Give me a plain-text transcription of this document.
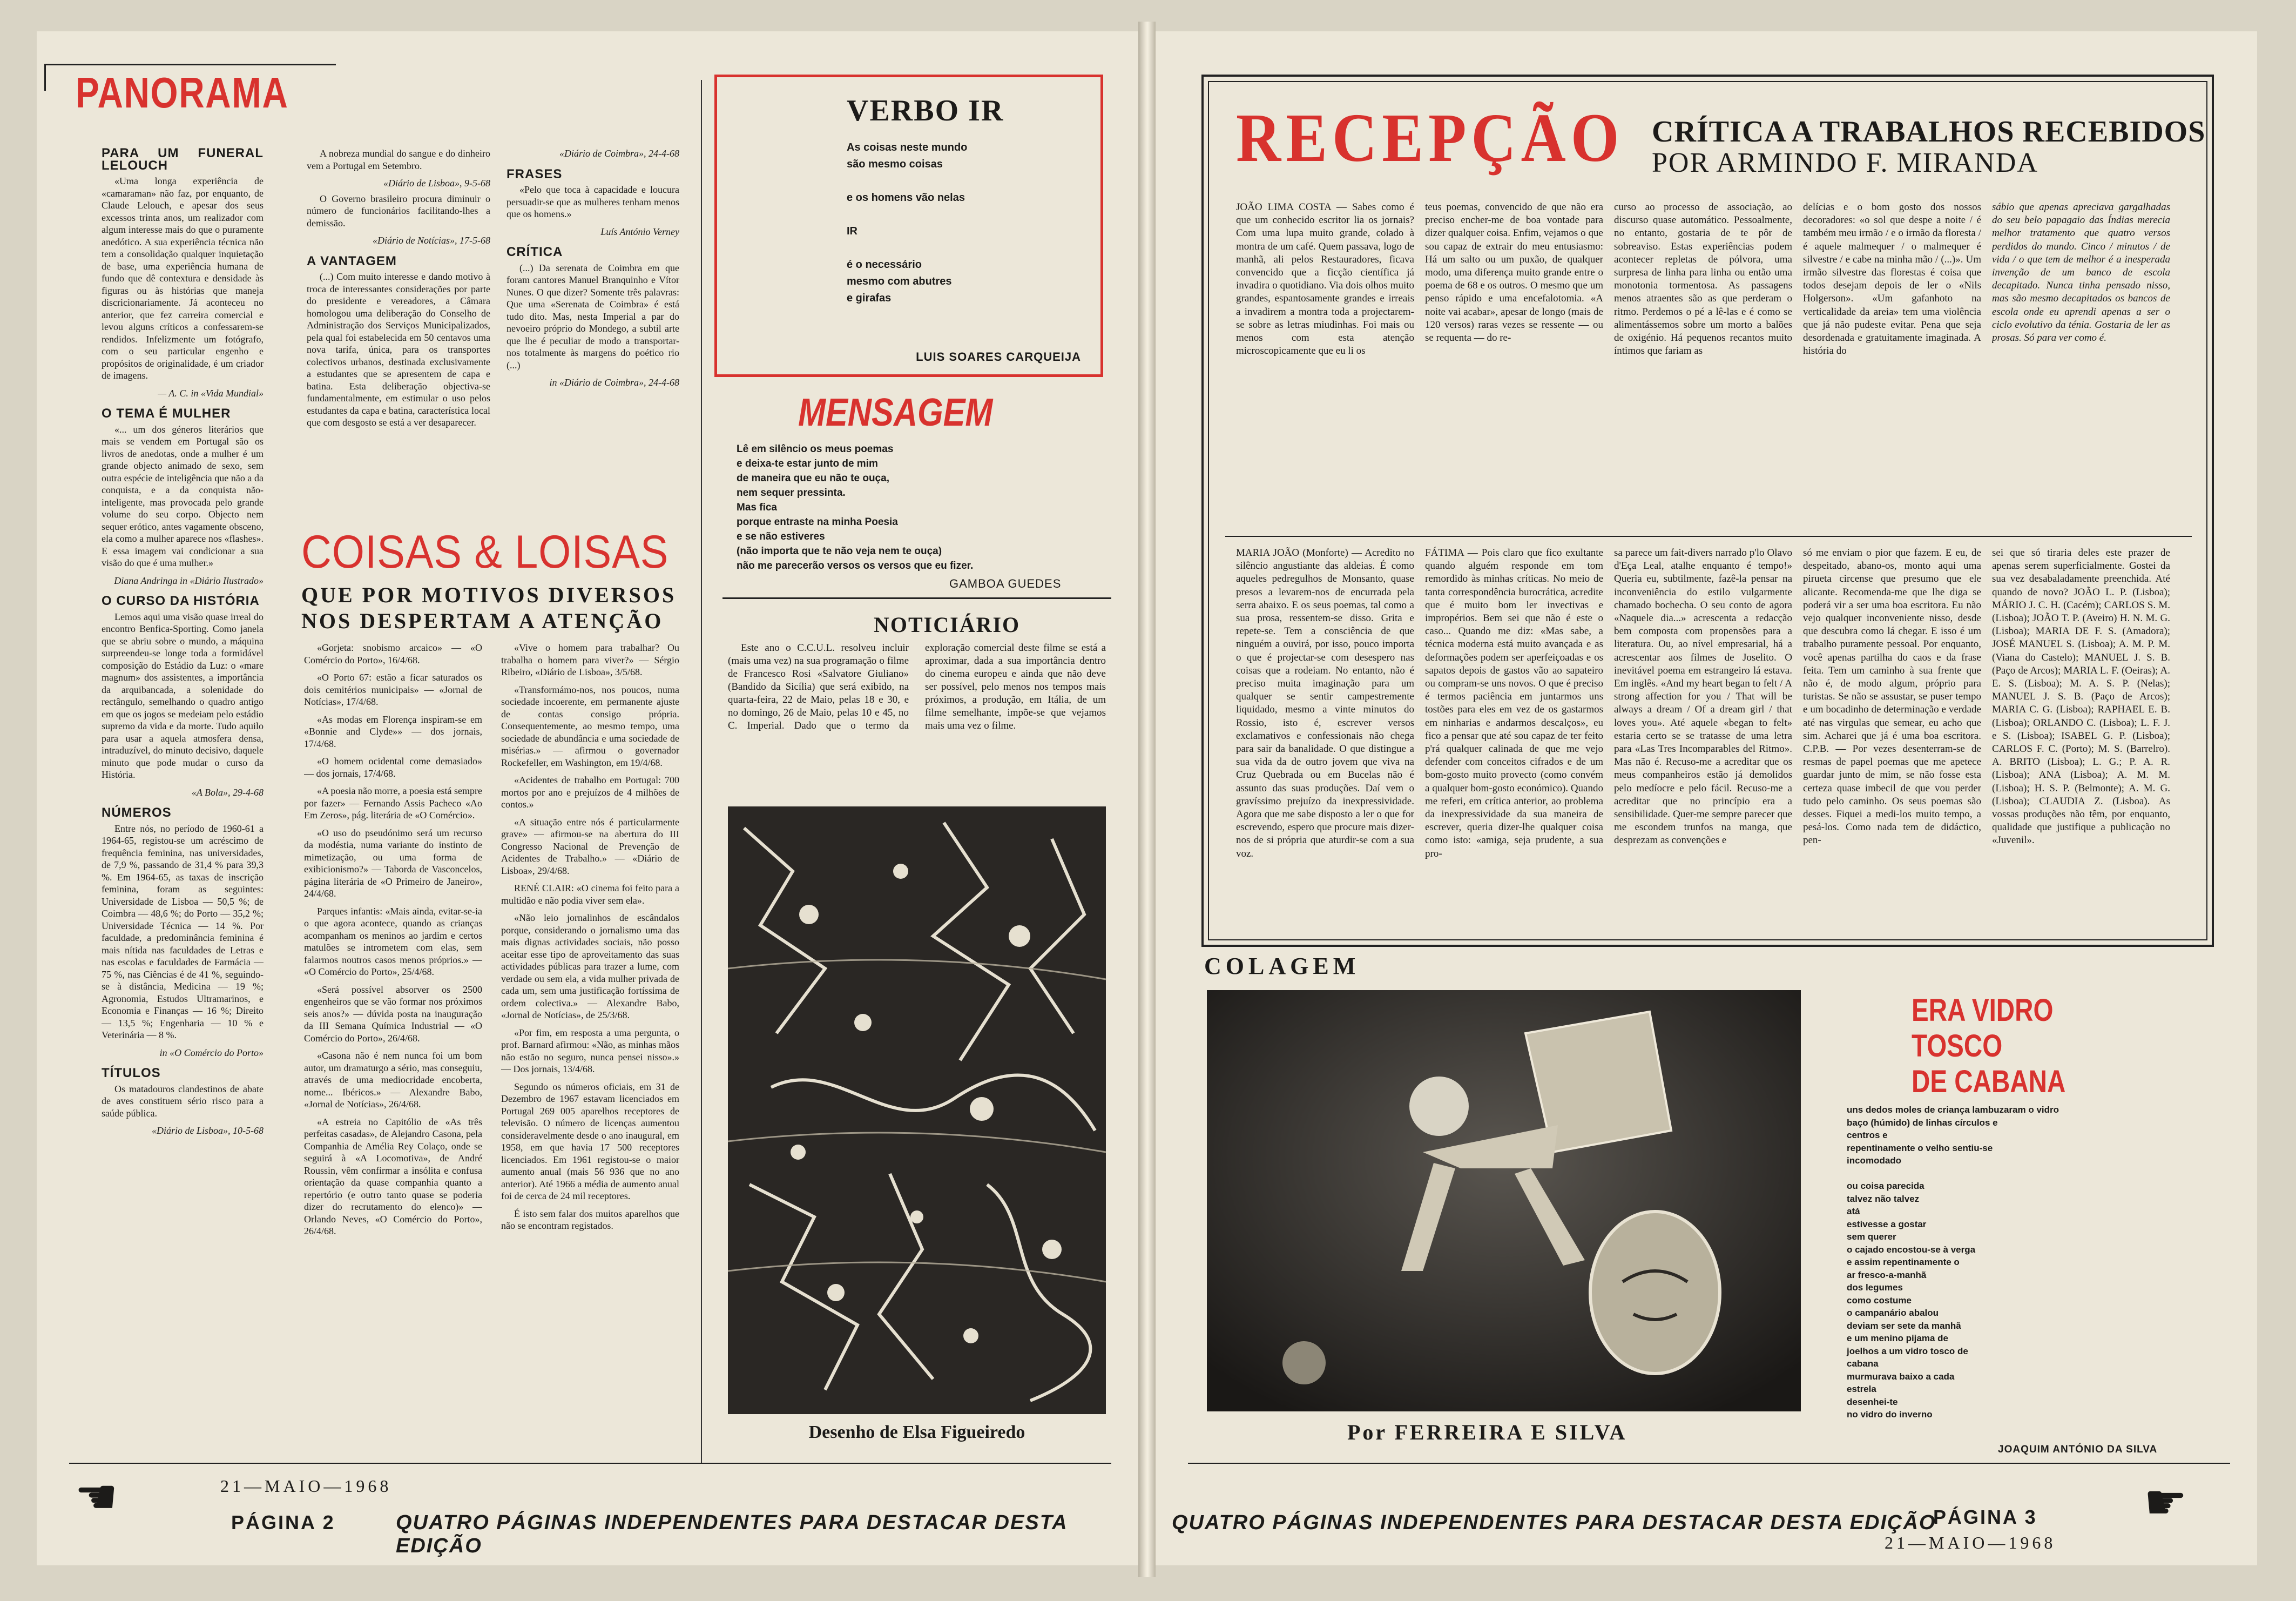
PANORAMA
PARA UM FUNERAL LELOUCH

«Uma longa experiência de «camaraman» não faz, por enquanto, de Claude Lelouch, e apesar dos seus excessos trinta anos, um realizador com algum interesse mais do que o puramente anedótico. A sua experiência técnica não tem a consolidação qualquer inquietação de base, uma experiência humana de fundo que dê contextura e densidade às figuras ou às histórias que maneja discricionariamente. Já aconteceu no anterior, que fez carreira comercial e levou alguns críticos a confessarem-se rendidos. Infelizmente um fotógrafo, com o seu particular engenho e propósitos de originalidade, é um criador de imagens.

— A. C. in «Vida Mundial»
O TEMA É MULHER

«... um dos géneros literários que mais se vendem em Portugal são os livros de anedotas, onde a mulher é um grande objecto animado de sexo, sem outra espécie de inteligência que não a da conquista, e a da conquista não-inteligente, mas provocada pelo grande volume do seu corpo. Objecto nem sequer erótico, antes vagamente obsceno, ela como a mulher aparece nos «flashes». E essa imagem vai condicionar a sua visão do que é uma mulher.»

Diana Andringa in «Diário Ilustrado»
O CURSO DA HISTÓRIA

Lemos aqui uma visão quase irreal do encontro Benfica-Sporting. Como janela que se abriu sobre o mundo, a máquina surpreendeu-se longe toda a formidável composição do Estádio da Luz: o «mare magnum» dos assistentes, a importância da arquibancada, a solenidade do rectângulo, semelhando o quadro antigo em que os jogos se medeiam pelo estádio supremo da vida e da morte. Tudo aquilo para usar a aquela atmosfera densa, intraduzível, do minuto decisivo, daquele minuto que pode mudar o curso da História.

«A Bola», 29-4-68
NÚMEROS

Entre nós, no período de 1960-61 a 1964-65, registou-se um acréscimo de frequência feminina, nas universidades, de 7,9 %, passando de 31,4 % para 39,3 %. Em 1964-65, as taxas de inscrição feminina, foram as seguintes: Universidade de Lisboa — 50,5 %; de Coimbra — 48,6 %; do Porto — 35,2 %; Universidade Técnica — 14 %. Por faculdade, a predominância feminina é mais nítida nas faculdades de Letras e nas escolas e faculdades de Farmácia — 75 %, nas Ciências é de 41 %, seguindo-se à distância, Medicina — 19 %; Agronomia, Estudos Ultramarinos, e Economia e Finanças — 16 %; Direito — 13,5 %; Engenharia — 10 % e Veterinária — 8 %.

in «O Comércio do Porto»
TÍTULOS

Os matadouros clandestinos de abate de aves constituem sério risco para a saúde pública.

«Diário de Lisboa», 10-5-68

A nobreza mundial do sangue e do dinheiro vem a Portugal em Setembro.

«Diário de Lisboa», 9-5-68

O Governo brasileiro procura diminuir o número de funcionários facilitando-lhes a demissão.

«Diário de Notícias», 17-5-68
A VANTAGEM

(...) Com muito interesse e dando motivo à troca de interessantes considerações por parte do presidente e vereadores, a Câmara homologou uma deliberação do Conselho de Administração dos Serviços Municipalizados, pela qual foi estabelecida em 50 centavos uma nova tarifa, única, para os transportes colectivos urbanos, destinada exclusivamente a estudantes que se apresentem de capa e batina. Esta deliberação objectiva-se fundamentalmente, em estimular o uso pelos estudantes da capa e batina, característica local que com desgosto se está a ver desaparecer.

«Diário de Coimbra», 24-4-68
FRASES

«Pelo que toca à capacidade e loucura persuadir-se que as mulheres tenham menos que os homens.»

Luís António Verney
CRÍTICA

(...) Da serenata de Coimbra em que foram cantores Manuel Branquinho e Vítor Nunes. O que dizer? Somente três palavras: Que uma «Serenata de Coimbra» é está tudo dito. Mas, nesta Imperial a par do nevoeiro próprio do Mondego, a subtil arte que lhe é peculiar de modo a transportar-nos totalmente às margens do poético rio (...)

in «Diário de Coimbra», 24-4-68
COISAS & LOISAS
QUE POR MOTIVOS DIVERSOS
NOS DESPERTAM A ATENÇÃO

«Gorjeta: snobismo arcaico» — «O Comércio do Porto», 16/4/68.

«O Porto 67: estão a ficar saturados os dois cemitérios municipais» — «Jornal de Notícias», 17/4/68.

«As modas em Florença inspiram-se em «Bonnie and Clyde»» — dos jornais, 17/4/68.

«O homem ocidental come demasiado» — dos jornais, 17/4/68.

«A poesia não morre, a poesia está sempre por fazer» — Fernando Assis Pacheco «Ao Em Zeros», pág. literária de «O Comércio».

«O uso do pseudónimo será um recurso da modéstia, numa variante do instinto de mimetização, ou uma forma de exibicionismo?» — Taborda de Vasconcelos, página literária de «O Primeiro de Janeiro», 24/4/68.

Parques infantis: «Mais ainda, evitar-se-ia o que agora acontece, quando as crianças acompanham os meninos ao jardim e certos matulões se intrometem com elas, sem falarmos noutros casos menos próprios.» — «O Comércio do Porto», 25/4/68.

«Será possível absorver os 2500 engenheiros que se vão formar nos próximos seis anos?» — dúvida posta na inauguração da III Semana Química Industrial — «O Comércio do Porto», 26/4/68.

«Casona não é nem nunca foi um bom autor, um dramaturgo a sério, mas conseguiu, através de uma mediocridade encoberta, nome... Ibéricos.» — Alexandre Babo, «Jornal de Notícias», 26/4/68.

«A estreia no Capitólio de «As três perfeitas casadas», de Alejandro Casona, pela Companhia de Amélia Rey Colaço, onde se seguirá à «A Locomotiva», de André Roussin, vêm confirmar a insólita e confusa orientação da quase companhia quanto a repertório (e outro tanto quase se poderia dizer do recrutamento do elenco)» — Orlando Neves, «O Comércio do Porto», 26/4/68.

«Vive o homem para trabalhar? Ou trabalha o homem para viver?» — Sérgio Ribeiro, «Diário de Lisboa», 3/5/68.

«Transformámo-nos, nos poucos, numa sociedade incoerente, em permanente ajuste de contas consigo própria. Consequentemente, ao mesmo tempo, uma sociedade de abundância e uma sociedade de misérias.» — afirmou o governador Rockefeller, em Washington, em 19/4/68.

«Acidentes de trabalho em Portugal: 700 mortos por ano e prejuízos de 4 milhões de contos.»

«A situação entre nós é particularmente grave» — afirmou-se na abertura do III Congresso Nacional de Prevenção de Acidentes de Trabalho.» — «Diário de Lisboa», 29/4/68.

RENÉ CLAIR: «O cinema foi feito para a multidão e não podia viver sem ela».

«Não leio jornalinhos de escândalos porque, considerando o jornalismo uma das mais dignas actividades sociais, não posso aceitar esse tipo de aproveitamento das suas actividades públicas para trazer a lume, com verdade ou sem ela, a vida mulher privada de cada um, sem uma justificação fortíssima de ordem colectiva.» — Alexandre Babo, «Jornal de Notícias», de 25/3/68.

«Por fim, em resposta a uma pergunta, o prof. Barnard afirmou: «Não, as minhas mãos não estão no seguro, nunca pensei nisso».» — Dos jornais, 13/4/68.

Segundo os números oficiais, em 31 de Dezembro de 1967 estavam licenciados em Portugal 269 005 aparelhos receptores de televisão. O número de licenças aumentou consideravelmente desde o ano inaugural, em 1958, em que havia 17 500 receptores licenciados. Em 1961 registou-se o maior aumento anual (mais 56 936 que no ano anterior). Até 1966 a média de aumento anual foi de cerca de 24 mil receptores.

É isto sem falar dos muitos aparelhos que não se encontram registados.

VERBO IR
As coisas neste mundo
são mesmo coisas

e os homens vão nelas

IR

é o necessário
mesmo com abutres
e girafas
LUIS SOARES CARQUEIJA
MENSAGEM
Lê em silêncio os meus poemas
e deixa-te estar junto de mim
de maneira que eu não te ouça,
nem sequer pressinta.
Mas fica
porque entraste na minha Poesia
e se não estiveres
(não importa que te não veja nem te ouça)
não me parecerão versos os versos que eu fizer.
GAMBOA GUEDES
NOTICIÁRIO

Este ano o C.C.U.L. resolveu incluir (mais uma vez) na sua programação o filme de Francesco Rosi «Salvatore Giuliano» (Bandido da Sicília) que será exibido, na quarta-feira, 22 de Maio, pelas 18 e 30, e no domingo, 26 de Maio, pelas 10 e 45, no C. Imperial. Dado que o termo da exploração comercial deste filme se está a aproximar, dada a sua importância dentro do cinema europeu e ainda que não deve ser possível, pelo menos nos tempos mais próximos, a produção, em Itália, de um filme semelhante, impõe-se que vejamos mais uma vez o filme.

Desenho de Elsa Figueiredo
☚	21—MAIO—1968
PÁGINA 2	QUATRO PÁGINAS INDEPENDENTES PARA DESTACAR DESTA EDIÇÃO
RECEPÇÃO CRÍTICA A TRABALHOS RECEBIDOS
POR ARMINDO F. MIRANDA
JOÃO LIMA COSTA — Sabes como é que um conhecido escritor lia os jornais? Com uma lupa muito grande, colado à montra de um café. Quem passava, logo de manhã, ali pelos Restauradores, ficava convencido que a ficção científica já invadira o quotidiano. Via dois olhos muito grandes, espantosamente grandes e irreais a invadirem a montra toda a projectarem-se sobre as letras miudinhas. Foi mais ou menos com esta atenção microscopicamente que eu li os
teus poemas, convencido de que não era preciso encher-me de boa vontade para dizer qualquer coisa. Enfim, vejamos o que sou capaz de extrair do meu entusiasmo: Há um salto ou um puxão, de qualquer modo, uma diferença muito grande entre o poema de 68 e os outros. O mesmo que um penso rápido e uma encefalotomia. «A noite vai acabar», apesar de longo (mais de 120 versos) raras vezes se ressente — ou se requenta — do re-
curso ao processo de associação, ao discurso quase automático. Pessoalmente, no entanto, gostaria de te pôr de sobreaviso. Estas experiências podem acontecer repletas de pólvora, uma surpresa de linha para linha ou então uma monotonia tormentosa. As passagens menos atraentes são as que perderam o ritmo. Perdemos o pé a lê-las e é como se alimentássemos sobre um morto a balões de oxigénio. Há pequenos recantos muito íntimos que fariam as
delícias e o bom gosto dos nossos decoradores: «o sol que despe a noite / é também meu irmão / e o irmão da floresta / é aquele malmequer / o malmequer é silvestre / e cabe na minha mão / (...)». Um irmão silvestre das florestas é coisa que todos desejam depois de ler o «Nils Holgerson». «Um gafanhoto na verticalidade da areia» tem uma violência que já não pudeste evitar. Pena que seja desordenada e gratuitamente imaginada. A história do
sábio que apenas apreciava gargalhadas do seu belo papagaio das Índias merecia melhor tratamento que quatro versos perdidos do mundo. Cinco / minutos / de vida / o que tem de melhor é a inesperada invenção de um banco de escola decapitado. Nunca tinha pensado nisso, mas são mesmo decapitados os bancos de escola onde eu aprendi apenas a ser o ciclo evolutivo da ténia. Gostaria de ler as prosas. Só para ver como é.
MARIA JOÃO (Monforte) — Acredito no silêncio angustiante das aldeias. É como aqueles pedregulhos de Monsanto, quase presos a levarem-nos de encurrada pela serra abaixo. E os seus poemas, tal como a sua prosa, ressentem-se disso. Grita e repete-se. Tem a consciência de que ninguém a ouvirá, por isso, pouco importa o que é projectar-se com desespero nas coisas que a rodeiam. No entanto, não é preciso muita imaginação para um qualquer se sentir campestremente liquidado, mesmo a vinte minutos do Rossio, isto é, escrever versos exclamativos e confessionais não chega para sair da banalidade. O que distingue a sua vida da de outro jovem que viva na Cruz Quebrada ou em Bucelas não é assunto das suas produções. Daí vem o gravíssimo prejuízo da inexpressividade. Agora que me sabe disposto a ler o que for escrevendo, espero que procure mais dizer-nos de si própria que aturdir-se com a sua voz.
FÁTIMA — Pois claro que fico exultante quando alguém responde em tom remordido às minhas críticas. No meio de tanta correspondência burocrática, acredite que é muito bom ler invectivas e impropérios. Bem sei que não é este o caso... Quando me diz: «Mas sabe, a técnica moderna está muito avançada e as deformações podem ser aperfeiçoadas e os sapatos depois de gastos vão ao sapateiro ou compram-se uns novos. O que é preciso é termos paciência em juntarmos uns tostões para eles em vez de os gastarmos em ninharias e andarmos descalços», eu fico a pensar que até sou capaz de ter feito p'rá qualquer calinada de que me vejo defender com conceitos cifrados e de um bom-gosto muito provecto (como convém a qualquer bom-gosto económico). Quando me referi, em crítica anterior, ao problema da inexpressividade da sua maneira de escrever, queria dizer-lhe qualquer coisa como isto: «amiga, seja prudente, a sua pro-
sa parece um fait-divers narrado p'lo Olavo d'Eça Leal, atalhe enquanto é tempo!» Queria eu, subtilmente, fazê-la pensar na inconveniência do estilo vulgarmente chamado bochecha. O seu conto de agora «Naquele dia...» acrescenta a redacção bem composta com propensões para a literatura. Ou, ao nível empresarial, há a acrescentar aos filmes de Joselito. O inevitável poema em estrangeiro lá estava. Em inglês. «And my heart began to felt / A strong affection for you / That will be always a dream / Of a dream girl / that loves you». Até aquele «began to felt» estaria certo se se tratasse de uma letra para «Las Tres Incomparables del Ritmo». Mas não é. Recuso-me a acreditar que os meus companheiros estão já demolidos pelo medíocre e pelo fácil. Recuso-me a acreditar que no princípio era a sensibilidade. Quer-me sempre parecer que me escondem trunfos na manga, que desprezam as convenções e
só me enviam o pior que fazem. E eu, de despeitado, abano-os, monto aqui uma pirueta circense que presumo que ele alicante. Recomenda-me que lhe diga se poderá vir a ser uma boa escritora. Eu não vejo qualquer inconveniente nisso, desde que descubra como lá chegar. E isso é um trabalho puramente pessoal. Por enquanto, você apenas partilha do caos e da frase feita. Tem um caminho à sua frente que não é, de modo algum, próprio para turistas. Se não se assustar, se puser tempo e um bocadinho de determinação e verdade até nas virgulas que semear, eu acho que sim. Acharei que já é uma boa escritora. C.P.B. — Por vezes desenterram-se de resmas de papel poemas que me apetece guardar junto de mim, se não fosse esta certeza quase imbecil de que vou perder tudo pelo caminho. Os seus poemas são desses. Fiquei a medi-los muito tempo, a pesá-los. Como nada tem de didáctico, pen-
sei que só tiraria deles este prazer de apenas serem superficialmente. Gostei da sua vez desabaladamente preenchida. Até quando de novo? JOÃO L. P. (Lisboa); MÁRIO J. C. H. (Cacém); CARLOS S. M. (Lisboa); JOÃO T. P. (Aveiro) H. N. M. G. (Lisboa); MARIA DE F. S. (Amadora); JOSÉ MANUEL S. (Lisboa); A. M. P. M. (Viana do Castelo); MANUEL J. S. B. (Paço de Arcos); MARIA L. F. (Oeiras); A. E. S. (Lisboa); M. A. S. P. (Nelas); MANUEL J. S. B. (Paço de Arcos); MARIA C. G. (Lisboa); RAPHAEL E. B. (Lisboa); ORLANDO C. (Lisboa); L. F. J. e S. (Lisboa); ISABEL G. P. (Lisboa); CARLOS F. C. (Porto); M. S. (Barrelro). A. BRITO (Lisboa); L. G.; P. A. R. (Lisboa); ANA (Lisboa); A. M. M. (Lisboa); H. S. P. (Belmonte); A. M. G. (Lisboa); CLAUDIA Z. (Lisboa). As vossas produções não têm, por enquanto, qualidade que justifique a publicação no «Juvenil».
COLAGEM
Por FERREIRA E SILVA
ERA VIDRO
TOSCO
DE CABANA
uns dedos moles de criança lambuzaram o vidro
baço (húmido) de linhas círculos e
centros e
repentinamente o velho sentiu-se
incomodado

ou coisa parecida
talvez não talvez
atá
estivesse a gostar
sem querer
o cajado encostou-se à verga
e assim repentinamente o
ar fresco-a-manhã
dos legumes
como costume
o campanário abalou
deviam ser sete da manhã
e um menino pijama de
joelhos a um vidro tosco de
cabana
murmurava baixo a cada
estrela
desenhei-te
no vidro do inverno
JOAQUIM ANTÓNIO DA SILVA
QUATRO PÁGINAS INDEPENDENTES PARA DESTACAR DESTA EDIÇÃO
PÁGINA 3
21—MAIO—1968
☛
